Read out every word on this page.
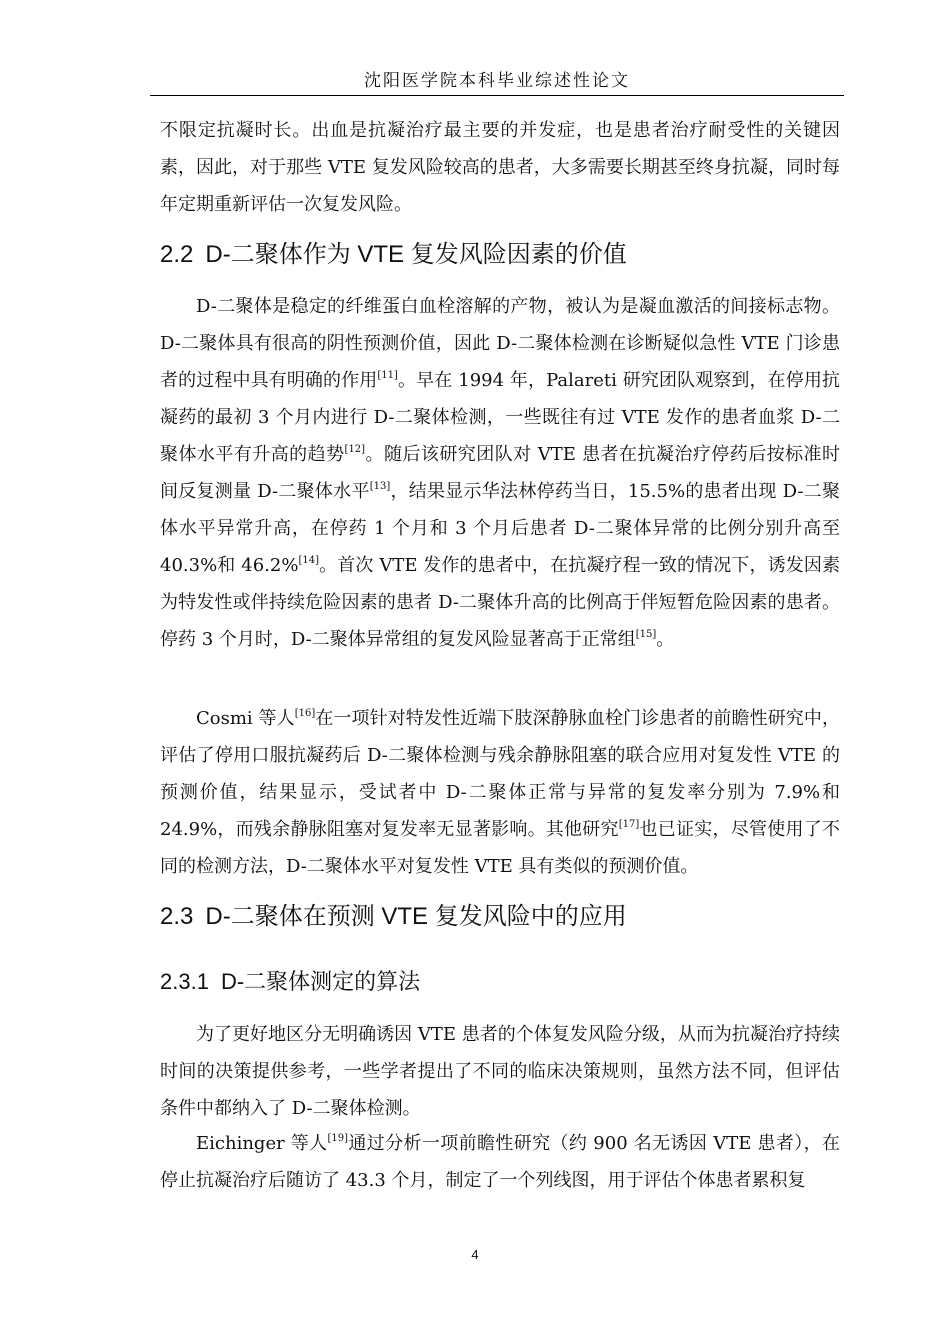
沈阳医学院本科毕业综述性论文

不限定抗凝时长。出血是抗凝治疗最主要的并发症，也是患者治疗耐受性的关键因素，因此，对于那些 VTE 复发风险较高的患者，大多需要长期甚至终身抗凝，同时每年定期重新评估一次复发风险。

2.2 D-二聚体作为 VTE 复发风险因素的价值

D-二聚体是稳定的纤维蛋白血栓溶解的产物，被认为是凝血激活的间接标志物。D-二聚体具有很高的阴性预测价值，因此 D-二聚体检测在诊断疑似急性 VTE 门诊患者的过程中具有明确的作用[11]。早在 1994 年，Palareti 研究团队观察到，在停用抗凝药的最初 3 个月内进行 D-二聚体检测，一些既往有过 VTE 发作的患者血浆 D-二聚体水平有升高的趋势[12]。随后该研究团队对 VTE 患者在抗凝治疗停药后按标准时间反复测量 D-二聚体水平[13]，结果显示华法林停药当日，15.5%的患者出现 D-二聚体水平异常升高，在停药 1 个月和 3 个月后患者 D-二聚体异常的比例分别升高至 40.3%和 46.2%[14]。首次 VTE 发作的患者中，在抗凝疗程一致的情况下，诱发因素为特发性或伴持续危险因素的患者 D-二聚体升高的比例高于伴短暂危险因素的患者。停药 3 个月时，D-二聚体异常组的复发风险显著高于正常组[15]。

Cosmi 等人[16]在一项针对特发性近端下肢深静脉血栓门诊患者的前瞻性研究中，评估了停用口服抗凝药后 D-二聚体检测与残余静脉阻塞的联合应用对复发性 VTE 的预测价值，结果显示，受试者中 D-二聚体正常与异常的复发率分别为 7.9%和 24.9%，而残余静脉阻塞对复发率无显著影响。其他研究[17]也已证实，尽管使用了不同的检测方法，D-二聚体水平对复发性 VTE 具有类似的预测价值。

2.3 D-二聚体在预测 VTE 复发风险中的应用
2.3.1 D-二聚体测定的算法

为了更好地区分无明确诱因 VTE 患者的个体复发风险分级，从而为抗凝治疗持续时间的决策提供参考，一些学者提出了不同的临床决策规则，虽然方法不同，但评估条件中都纳入了 D-二聚体检测。

Eichinger 等人[19]通过分析一项前瞻性研究（约 900 名无诱因 VTE 患者），在停止抗凝治疗后随访了 43.3 个月，制定了一个列线图，用于评估个体患者累积复

4
